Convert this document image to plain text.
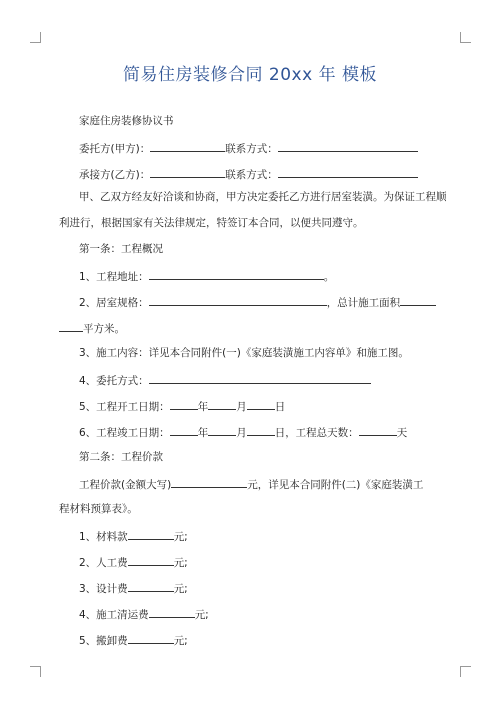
简易住房装修合同 20xx 年 模板
家庭住房装修协议书
委托方(甲方)：	联系方式：
承接方(乙方)：	联系方式：
甲、乙双方经友好洽谈和协商，甲方决定委托乙方进行居室装潢。为保证工程顺
利进行，根据国家有关法律规定，特签订本合同，以便共同遵守。
第一条：工程概况
1、工程地址：	。
2、居室规格：	，总计施工面积
平方米。
3、施工内容：详见本合同附件(一)《家庭装潢施工内容单》和施工图。
4、委托方式：
5、工程开工日期：	年	月	日
6、工程竣工日期：	年	月	日，工程总天数：	天
第二条：工程价款
工程价款(金额大写)	元，详见本合同附件(二)《家庭装潢工
程材料预算表》。
1、材料款	元;
2、人工费	元;
3、设计费	元;
4、施工清运费	元;
5、搬卸费	元;
